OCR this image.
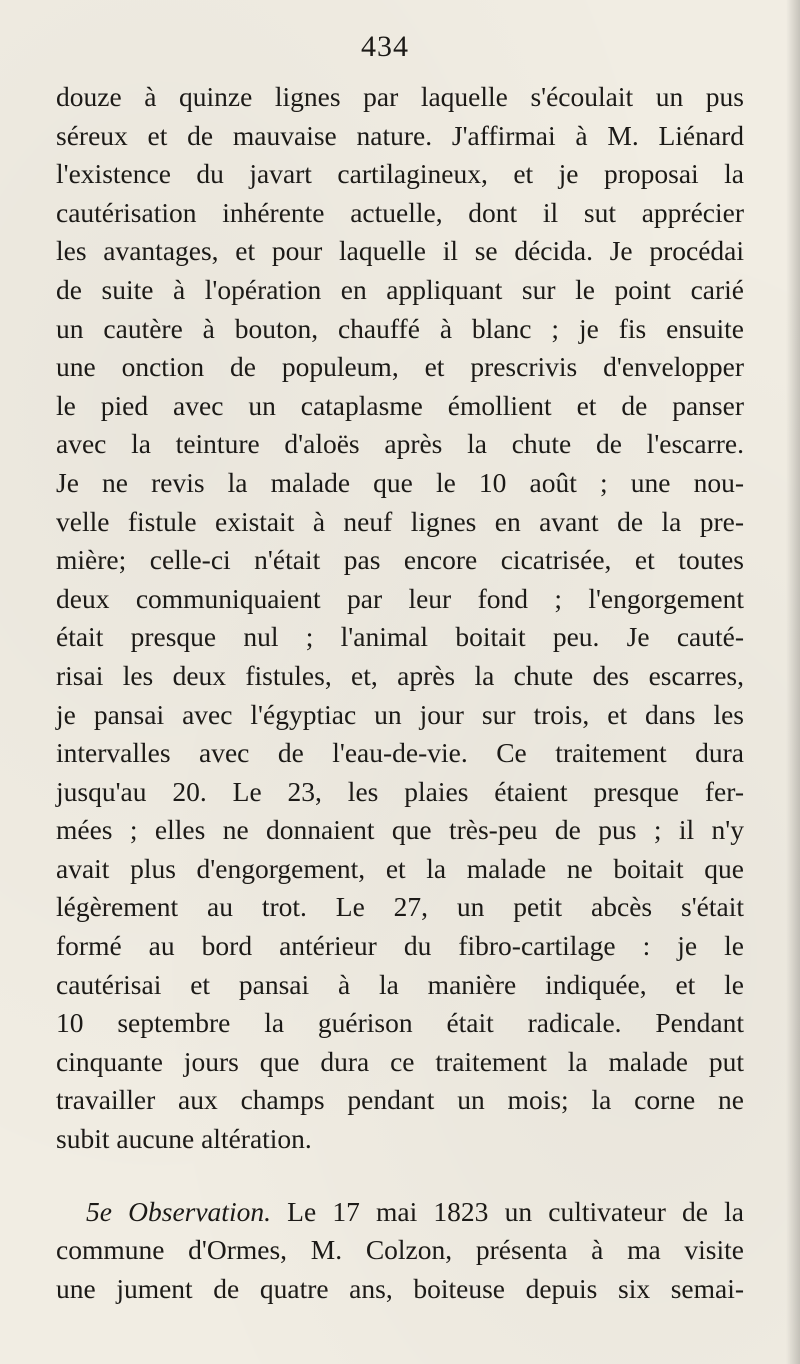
434
douze à quinze lignes par laquelle s'écoulait un pus
séreux et de mauvaise nature. J'affirmai à M. Liénard
l'existence du javart cartilagineux, et je proposai la
cautérisation inhérente actuelle, dont il sut apprécier
les avantages, et pour laquelle il se décida. Je procédai
de suite à l'opération en appliquant sur le point carié
un cautère à bouton, chauffé à blanc ; je fis ensuite
une onction de populeum, et prescrivis d'envelopper
le pied avec un cataplasme émollient et de panser
avec la teinture d'aloës après la chute de l'escarre.
Je ne revis la malade que le 10 août ; une nou-
velle fistule existait à neuf lignes en avant de la pre-
mière; celle-ci n'était pas encore cicatrisée, et toutes
deux communiquaient par leur fond ; l'engorgement
était presque nul ; l'animal boitait peu. Je cauté-
risai les deux fistules, et, après la chute des escarres,
je pansai avec l'égyptiac un jour sur trois, et dans les
intervalles avec de l'eau-de-vie. Ce traitement dura
jusqu'au 20. Le 23, les plaies étaient presque fer-
mées ; elles ne donnaient que très-peu de pus ; il n'y
avait plus d'engorgement, et la malade ne boitait que
légèrement au trot. Le 27, un petit abcès s'était
formé au bord antérieur du fibro-cartilage : je le
cautérisai et pansai à la manière indiquée, et le
10 septembre la guérison était radicale. Pendant
cinquante jours que dura ce traitement la malade put
travailler aux champs pendant un mois; la corne ne
subit aucune altération.
5e Observation. Le 17 mai 1823 un cultivateur de la
commune d'Ormes, M. Colzon, présenta à ma visite
une jument de quatre ans, boiteuse depuis six semai-
